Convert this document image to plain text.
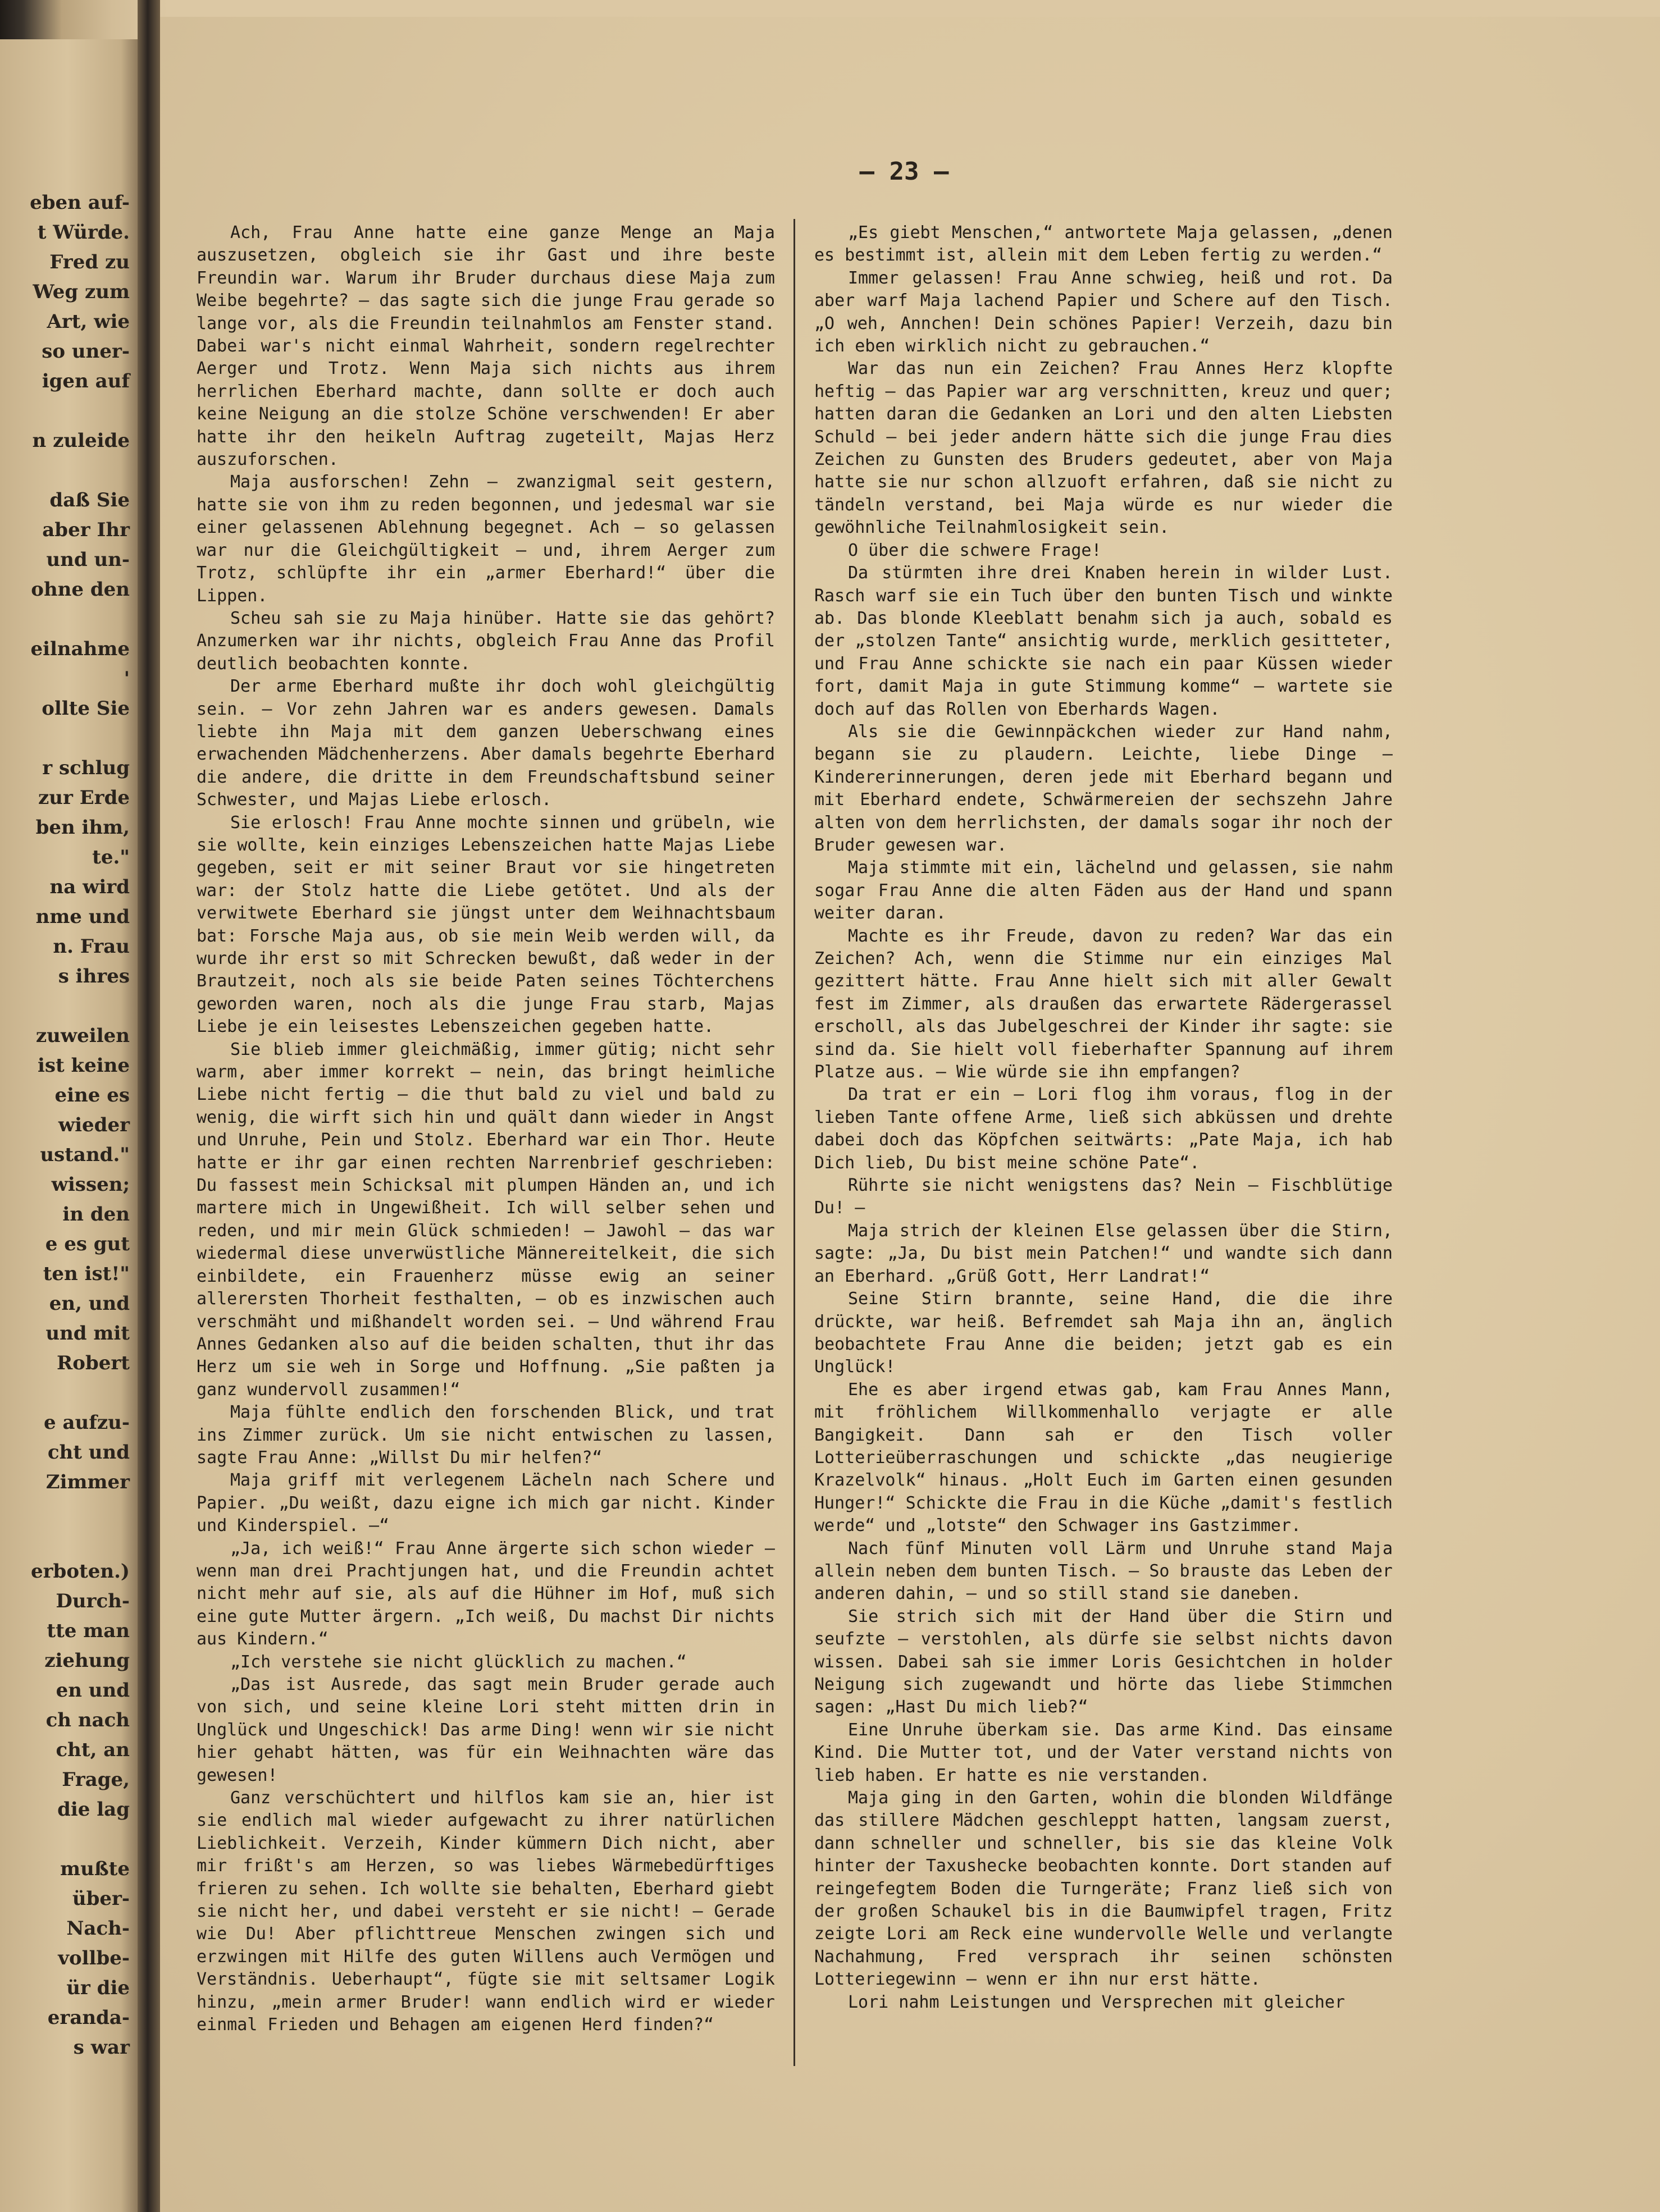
eben auf-
t Würde.
Fred zu
Weg zum
Art, wie
so uner-
igen auf
n zuleide
daß Sie
aber Ihr
und un-
ohne den
eilnahme
'
ollte Sie
r schlug
zur Erde
ben ihm,
te."
na wird
nme und
n. Frau
s ihres
zuweilen
ist keine
eine es
wieder
ustand."
wissen;
in den
e es gut
ten ist!"
en, und
und mit
Robert
e aufzu-
cht und
Zimmer
erboten.)
Durch-
tte man
ziehung
en und
ch nach
cht, an
Frage,
die lag
mußte
über-
Nach-
vollbe-
ür die
eranda-
s war
— 23 —

Ach, Frau Anne hatte eine ganze Menge an Maja auszusetzen, obgleich sie ihr Gast und ihre beste Freundin war. Warum ihr Bruder durchaus diese Maja zum Weibe begehrte? — das sagte sich die junge Frau gerade so lange vor, als die Freundin teilnahmlos am Fenster stand. Dabei war's nicht einmal Wahrheit, sondern regelrechter Aerger und Trotz. Wenn Maja sich nichts aus ihrem herrlichen Eberhard machte, dann sollte er doch auch keine Neigung an die stolze Schöne verschwenden! Er aber hatte ihr den heikeln Auftrag zugeteilt, Majas Herz auszuforschen.

Maja ausforschen! Zehn — zwanzigmal seit gestern, hatte sie von ihm zu reden begonnen, und jedesmal war sie einer gelassenen Ablehnung begegnet. Ach — so gelassen war nur die Gleichgültigkeit — und, ihrem Aerger zum Trotz, schlüpfte ihr ein „armer Eberhard!“ über die Lippen.

Scheu sah sie zu Maja hinüber. Hatte sie das gehört? Anzumerken war ihr nichts, obgleich Frau Anne das Profil deutlich beobachten konnte.

Der arme Eberhard mußte ihr doch wohl gleichgültig sein. — Vor zehn Jahren war es anders gewesen. Damals liebte ihn Maja mit dem ganzen Ueberschwang eines erwachenden Mädchenherzens. Aber damals begehrte Eberhard die andere, die dritte in dem Freundschaftsbund seiner Schwester, und Majas Liebe erlosch.

Sie erlosch! Frau Anne mochte sinnen und grübeln, wie sie wollte, kein einziges Lebenszeichen hatte Majas Liebe gegeben, seit er mit seiner Braut vor sie hingetreten war: der Stolz hatte die Liebe getötet. Und als der verwitwete Eberhard sie jüngst unter dem Weihnachtsbaum bat: Forsche Maja aus, ob sie mein Weib werden will, da wurde ihr erst so mit Schrecken bewußt, daß weder in der Brautzeit, noch als sie beide Paten seines Töchterchens geworden waren, noch als die junge Frau starb, Majas Liebe je ein leisestes Lebenszeichen gegeben hatte.

Sie blieb immer gleichmäßig, immer gütig; nicht sehr warm, aber immer korrekt — nein, das bringt heimliche Liebe nicht fertig — die thut bald zu viel und bald zu wenig, die wirft sich hin und quält dann wieder in Angst und Unruhe, Pein und Stolz. Eberhard war ein Thor. Heute hatte er ihr gar einen rechten Narrenbrief geschrieben: Du fassest mein Schicksal mit plumpen Händen an, und ich martere mich in Ungewißheit. Ich will selber sehen und reden, und mir mein Glück schmieden! — Jawohl — das war wiedermal diese unverwüstliche Männereitelkeit, die sich einbildete, ein Frauenherz müsse ewig an seiner allerersten Thorheit festhalten, — ob es inzwischen auch verschmäht und mißhandelt worden sei. — Und während Frau Annes Gedanken also auf die beiden schalten, thut ihr das Herz um sie weh in Sorge und Hoffnung. „Sie paßten ja ganz wundervoll zusammen!“

Maja fühlte endlich den forschenden Blick, und trat ins Zimmer zurück. Um sie nicht entwischen zu lassen, sagte Frau Anne: „Willst Du mir helfen?“

Maja griff mit verlegenem Lächeln nach Schere und Papier. „Du weißt, dazu eigne ich mich gar nicht. Kinder und Kinderspiel. —“

„Ja, ich weiß!“ Frau Anne ärgerte sich schon wieder — wenn man drei Prachtjungen hat, und die Freundin achtet nicht mehr auf sie, als auf die Hühner im Hof, muß sich eine gute Mutter ärgern. „Ich weiß, Du machst Dir nichts aus Kindern.“

„Ich verstehe sie nicht glücklich zu machen.“

„Das ist Ausrede, das sagt mein Bruder gerade auch von sich, und seine kleine Lori steht mitten drin in Unglück und Ungeschick! Das arme Ding! wenn wir sie nicht hier gehabt hätten, was für ein Weihnachten wäre das gewesen!

Ganz verschüchtert und hilflos kam sie an, hier ist sie endlich mal wieder aufgewacht zu ihrer natürlichen Lieblichkeit. Verzeih, Kinder kümmern Dich nicht, aber mir frißt's am Herzen, so was liebes Wärmebedürftiges frieren zu sehen. Ich wollte sie behalten, Eberhard giebt sie nicht her, und dabei versteht er sie nicht! — Gerade wie Du! Aber pflichttreue Menschen zwingen sich und erzwingen mit Hilfe des guten Willens auch Vermögen und Verständnis. Ueberhaupt“, fügte sie mit seltsamer Logik hinzu, „mein armer Bruder! wann endlich wird er wieder einmal Frieden und Behagen am eigenen Herd finden?“

„Es giebt Menschen,“ antwortete Maja gelassen, „denen es bestimmt ist, allein mit dem Leben fertig zu werden.“

Immer gelassen! Frau Anne schwieg, heiß und rot. Da aber warf Maja lachend Papier und Schere auf den Tisch. „O weh, Annchen! Dein schönes Papier! Verzeih, dazu bin ich eben wirklich nicht zu gebrauchen.“

War das nun ein Zeichen? Frau Annes Herz klopfte heftig — das Papier war arg verschnitten, kreuz und quer; hatten daran die Gedanken an Lori und den alten Liebsten Schuld — bei jeder andern hätte sich die junge Frau dies Zeichen zu Gunsten des Bruders gedeutet, aber von Maja hatte sie nur schon allzuoft erfahren, daß sie nicht zu tändeln verstand, bei Maja würde es nur wieder die gewöhnliche Teilnahmlosigkeit sein.

O über die schwere Frage!

Da stürmten ihre drei Knaben herein in wilder Lust. Rasch warf sie ein Tuch über den bunten Tisch und winkte ab. Das blonde Kleeblatt benahm sich ja auch, sobald es der „stolzen Tante“ ansichtig wurde, merklich gesitteter, und Frau Anne schickte sie nach ein paar Küssen wieder fort, damit Maja in gute Stimmung komme“ — wartete sie doch auf das Rollen von Eberhards Wagen.

Als sie die Gewinnpäckchen wieder zur Hand nahm, begann sie zu plaudern. Leichte, liebe Dinge — Kindererinnerungen, deren jede mit Eberhard begann und mit Eberhard endete, Schwärmereien der sechszehn Jahre alten von dem herrlichsten, der damals sogar ihr noch der Bruder gewesen war.

Maja stimmte mit ein, lächelnd und gelassen, sie nahm sogar Frau Anne die alten Fäden aus der Hand und spann weiter daran.

Machte es ihr Freude, davon zu reden? War das ein Zeichen? Ach, wenn die Stimme nur ein einziges Mal gezittert hätte. Frau Anne hielt sich mit aller Gewalt fest im Zimmer, als draußen das erwartete Rädergerassel erscholl, als das Jubelgeschrei der Kinder ihr sagte: sie sind da. Sie hielt voll fieberhafter Spannung auf ihrem Platze aus. — Wie würde sie ihn empfangen?

Da trat er ein — Lori flog ihm voraus, flog in der lieben Tante offene Arme, ließ sich abküssen und drehte dabei doch das Köpfchen seitwärts: „Pate Maja, ich hab Dich lieb, Du bist meine schöne Pate“.

Rührte sie nicht wenigstens das? Nein — Fischblütige Du! —

Maja strich der kleinen Else gelassen über die Stirn, sagte: „Ja, Du bist mein Patchen!“ und wandte sich dann an Eberhard. „Grüß Gott, Herr Landrat!“

Seine Stirn brannte, seine Hand, die die ihre drückte, war heiß. Befremdet sah Maja ihn an, änglich beobachtete Frau Anne die beiden; jetzt gab es ein Unglück!

Ehe es aber irgend etwas gab, kam Frau Annes Mann, mit fröhlichem Willkommenhallo verjagte er alle Bangigkeit. Dann sah er den Tisch voller Lotterieüberraschungen und schickte „das neugierige Krazelvolk“ hinaus. „Holt Euch im Garten einen gesunden Hunger!“ Schickte die Frau in die Küche „damit's festlich werde“ und „lotste“ den Schwager ins Gastzimmer.

Nach fünf Minuten voll Lärm und Unruhe stand Maja allein neben dem bunten Tisch. — So brauste das Leben der anderen dahin, — und so still stand sie daneben.

Sie strich sich mit der Hand über die Stirn und seufzte — verstohlen, als dürfe sie selbst nichts davon wissen. Dabei sah sie immer Loris Gesichtchen in holder Neigung sich zugewandt und hörte das liebe Stimmchen sagen: „Hast Du mich lieb?“

Eine Unruhe überkam sie. Das arme Kind. Das einsame Kind. Die Mutter tot, und der Vater verstand nichts von lieb haben. Er hatte es nie verstanden.

Maja ging in den Garten, wohin die blonden Wildfänge das stillere Mädchen geschleppt hatten, langsam zuerst, dann schneller und schneller, bis sie das kleine Volk hinter der Taxushecke beobachten konnte. Dort standen auf reingefegtem Boden die Turngeräte; Franz ließ sich von der großen Schaukel bis in die Baumwipfel tragen, Fritz zeigte Lori am Reck eine wundervolle Welle und verlangte Nachahmung, Fred versprach ihr seinen schönsten Lotteriegewinn — wenn er ihn nur erst hätte.

Lori nahm Leistungen und Versprechen mit gleicher
